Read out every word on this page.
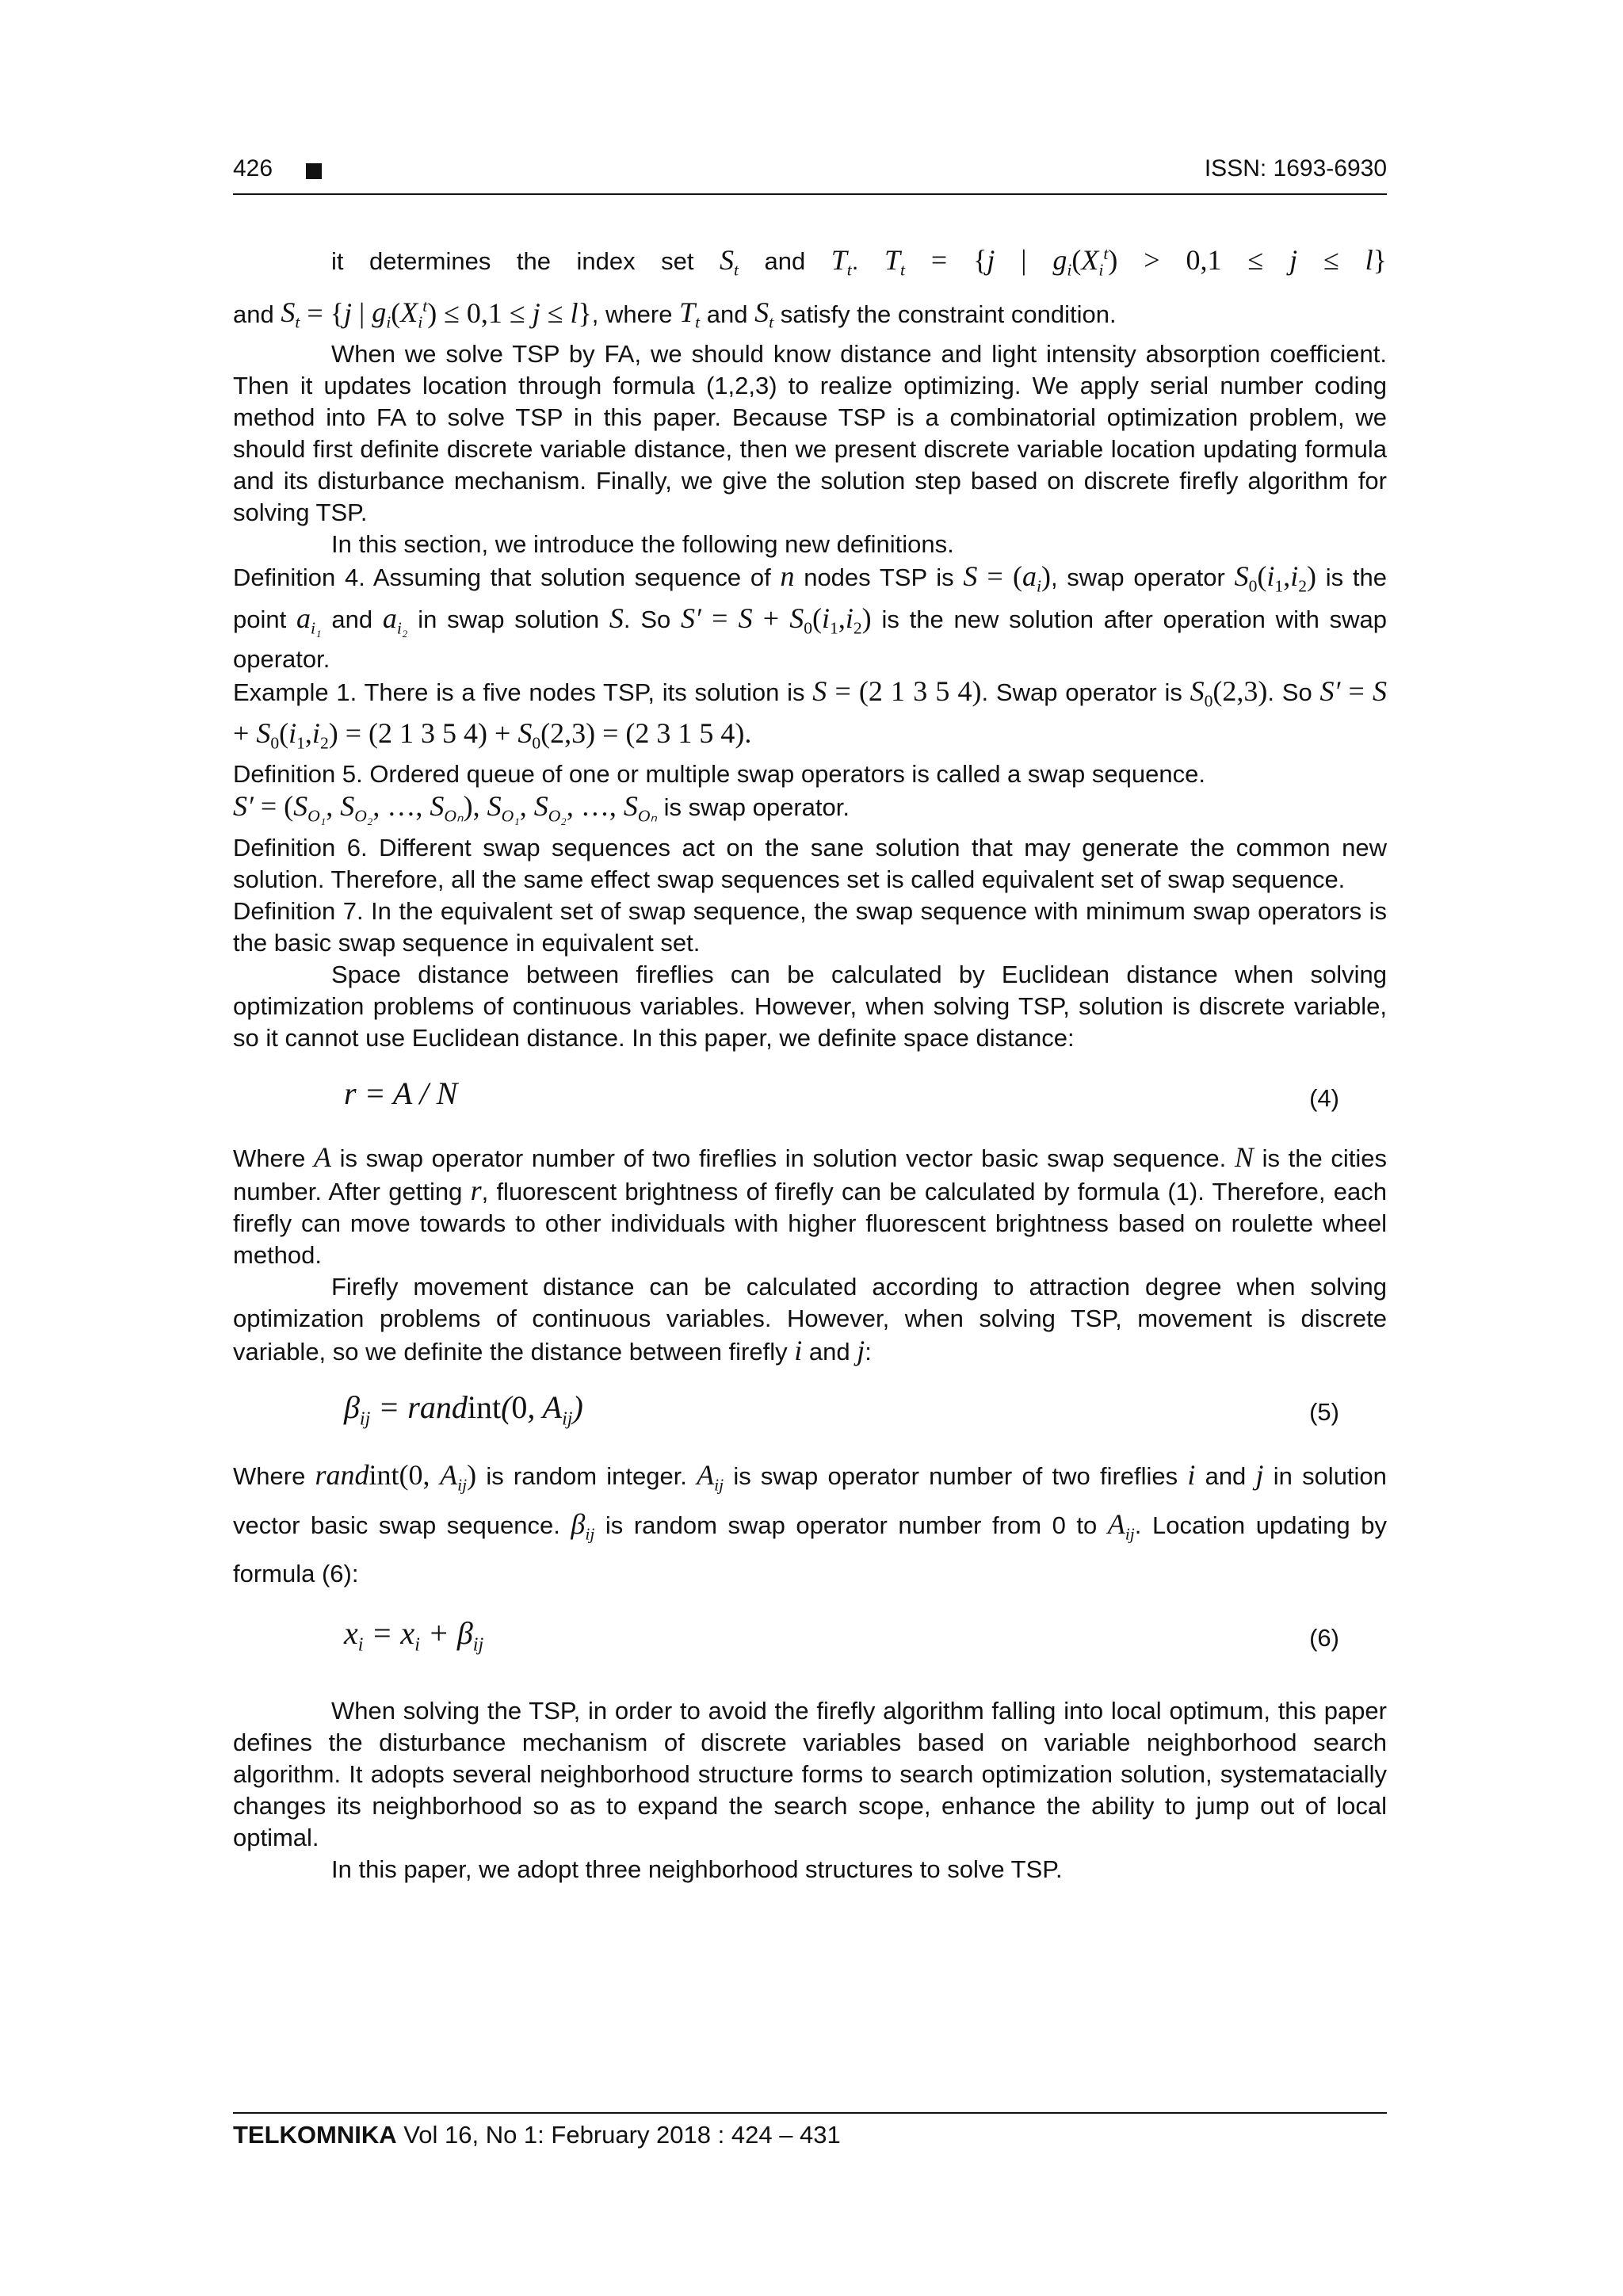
426	ISSN: 1693-6930

it determines the index set $S_t$ and $T_t$. $T_t = \{j$ | $g_i(X_i^t) > 0,1 \le j \le l$}

and $S_t = \{j$ | $g_i(X_i^t) \le 0,1 \le j \le l$}, where $T_t$ and $S_t$ satisfy the constraint condition.

When we solve TSP by FA, we should know distance and light intensity absorption coefficient. Then it updates location through formula (1,2,3) to realize optimizing. We apply serial number coding method into FA to solve TSP in this paper. Because TSP is a combinatorial optimization problem, we should first definite discrete variable distance, then we present discrete variable location updating formula and its disturbance mechanism. Finally, we give the solution step based on discrete firefly algorithm for solving TSP.

In this section, we introduce the following new definitions.

Definition 4. Assuming that solution sequence of n nodes TSP is $S = (a_i)$, swap operator $S_0(i_1,i_2)$ is the point $a_{i_1}$ and $a_{i_2}$ in swap solution S. So $S' = S + S_0(i_1,i_2)$ is the new solution after operation with swap operator.

Example 1. There is a five nodes TSP, its solution is S = (2 1 3 5 4). Swap operator is $S_0(2,3)$. So $S' = S + S_0(i_1,i_2) = (2$ 1 3 5 $4) + S_0(2,3) = (2$ 3 1 5 4).

Definition 5. Ordered queue of one or multiple swap operators is called a swap sequence.

$S' = (S_{O_1}$, $S_{O_2}$, …, $S_{O_n}$), $S_{O_1}$, $S_{O_2}$, …, $S_{O_n}$ is swap operator.

Definition 6. Different swap sequences act on the sane solution that may generate the common new solution. Therefore, all the same effect swap sequences set is called equivalent set of swap sequence.

Definition 7. In the equivalent set of swap sequence, the swap sequence with minimum swap operators is the basic swap sequence in equivalent set.

Space distance between fireflies can be calculated by Euclidean distance when solving optimization problems of continuous variables. However, when solving TSP, solution is discrete variable, so it cannot use Euclidean distance. In this paper, we definite space distance:

r = A / N	(4)

Where A is swap operator number of two fireflies in solution vector basic swap sequence. N is the cities number. After getting r, fluorescent brightness of firefly can be calculated by formula (1). Therefore, each firefly can move towards to other individuals with higher fluorescent brightness based on roulette wheel method.

Firefly movement distance can be calculated according to attraction degree when solving optimization problems of continuous variables. However, when solving TSP, movement is discrete variable, so we definite the distance between firefly i and j:

$\beta_{ij}$ = randint(0, $A_{ij}$)	(5)

Where randint(0, $A_{ij}$) is random integer. $A_{ij}$ is swap operator number of two fireflies i and j in solution vector basic swap sequence. $\beta_{ij}$ is random swap operator number from 0 to $A_{ij}$. Location updating by formula (6):

$x_i = x_i + \beta_{ij}$	(6)

When solving the TSP, in order to avoid the firefly algorithm falling into local optimum, this paper defines the disturbance mechanism of discrete variables based on variable neighborhood search algorithm. It adopts several neighborhood structure forms to search optimization solution, systematacially changes its neighborhood so as to expand the search scope, enhance the ability to jump out of local optimal.

In this paper, we adopt three neighborhood structures to solve TSP.

TELKOMNIKA Vol 16, No 1: February 2018 : 424 – 431
